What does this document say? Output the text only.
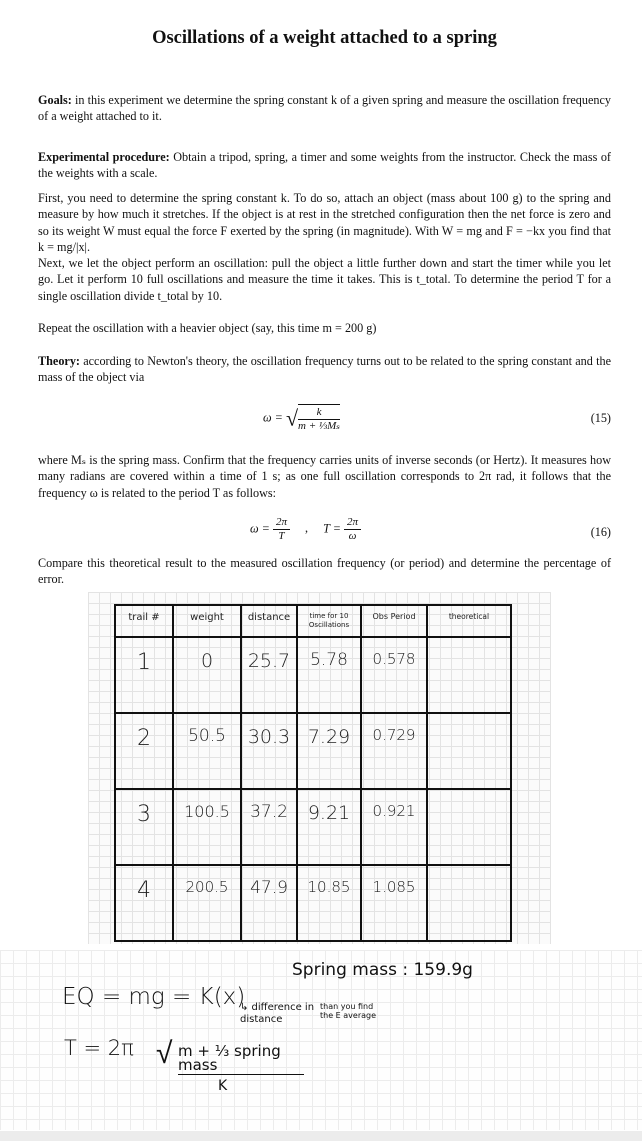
Oscillations of a weight attached to a spring
Goals: in this experiment we determine the spring constant k of a given spring and measure the oscillation frequency of a weight attached to it.
Experimental procedure: Obtain a tripod, spring, a timer and some weights from the instructor. Check the mass of the weights with a scale.
First, you need to determine the spring constant k. To do so, attach an object (mass about 100 g) to the spring and measure by how much it stretches. If the object is at rest in the stretched configuration then the net force is zero and so its weight W must equal the force F exerted by the spring (in magnitude). With W = mg and F = −kx you find that k = mg/|x|.
Next, we let the object perform an oscillation: pull the object a little further down and start the timer while you let go. Let it perform 10 full oscillations and measure the time it takes. This is t_total. To determine the period T for a single oscillation divide t_total by 10.
Repeat the oscillation with a heavier object (say, this time m = 200 g)
Theory: according to Newton's theory, the oscillation frequency turns out to be related to the spring constant and the mass of the object via
ω = √ $\frac{k}{\text{m + ⅓Mₛ}}$	(15)
where Mₛ is the spring mass. Confirm that the frequency carries units of inverse seconds (or Hertz). It measures how many radians are covered within a time of 1 s; as one full oscillation corresponds to 2π rad, it follows that the frequency ω is related to the period T as follows:
$\omega = \frac{2\pi}{T}$ , $T = \frac{2\pi}{\omega}$	(16)
Compare this theoretical result to the measured oscillation frequency (or period) and determine the percentage of error.
trail #	weight	distance	time for 10 Oscillations	Obs Period	theoretical

1	0	25.7	5.78	0.578	
2	50.5	30.3	7.29	0.729	
3	100.5	37.2	9.21	0.921	
4	200.5	47.9	10.85	1.085	
Spring mass : 159.9g
EQ = mg = K(x)
↳ difference in distance
than you find the E average
T = 2π √ m + ⅓ spring mass
K
